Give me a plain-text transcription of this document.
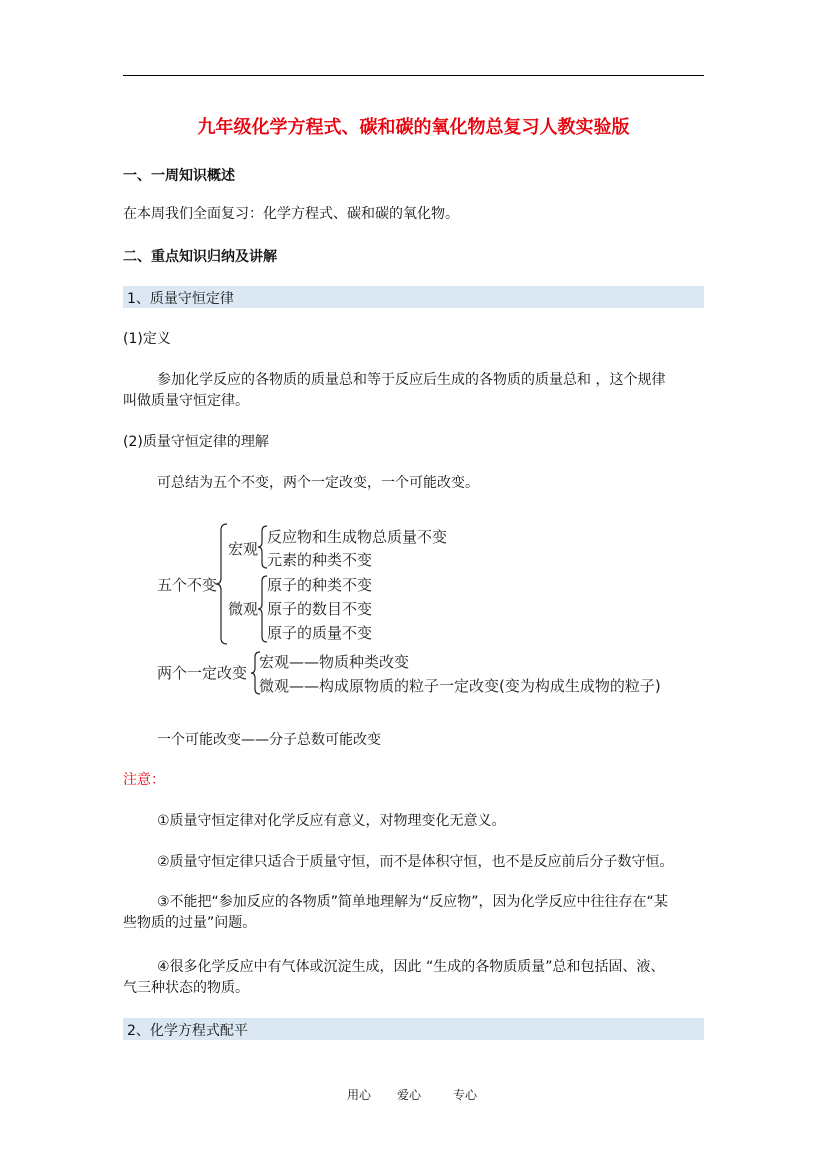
九年级化学方程式、碳和碳的氧化物总复习人教实验版
一、一周知识概述
在本周我们全面复习：化学方程式、碳和碳的氧化物。
二、重点知识归纳及讲解
1、质量守恒定律
(1)定义
参加化学反应的各物质的质量总和等于反应后生成的各物质的质量总和 ，这个规律
叫做质量守恒定律。
(2)质量守恒定律的理解
可总结为五个不变，两个一定改变，一个可能改变。
五个不变
宏观
反应物和生成物总质量不变
元素的种类不变
微观
原子的种类不变
原子的数目不变
原子的质量不变
两个一定改变
宏观——物质种类改变
微观——构成原物质的粒子一定改变(变为构成生成物的粒子)
一个可能改变——分子总数可能改变
注意：
①质量守恒定律对化学反应有意义，对物理变化无意义。
②质量守恒定律只适合于质量守恒，而不是体积守恒，也不是反应前后分子数守恒。
③不能把“参加反应的各物质”简单地理解为“反应物”，因为化学反应中往往存在“某
些物质的过量”问题。
④很多化学反应中有气体或沉淀生成，因此 “生成的各物质质量”总和包括固、液、
气三种状态的物质。
2、化学方程式配平
用心 爱心	专心
